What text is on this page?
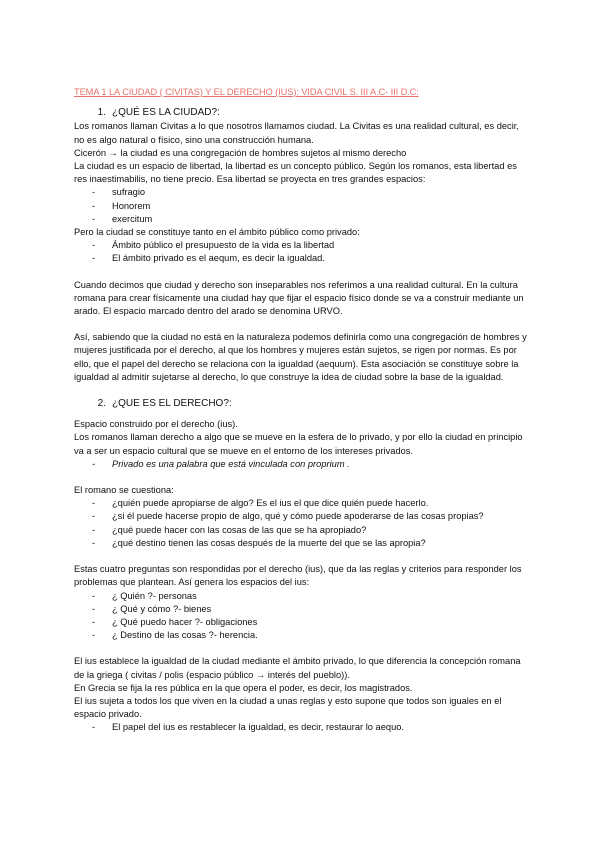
TEMA 1 LA CIUDAD ( CIVITAS) Y EL DERECHO (IUS): VIDA CIVIL S. III A.C- III D.C:
1. ¿QUÉ ES LA CIUDAD?:

Los romanos llaman Civitas a lo que nosotros llamamos ciudad. La Civitas es una realidad cultural, es decir, no es algo natural o físico, sino una construcción humana.

Cicerón → la ciudad es una congregación de hombres sujetos al mismo derecho

La ciudad es un espacio de libertad, la libertad es un concepto público. Según los romanos, esta libertad es res inaestimabilis, no tiene precio. Esa libertad se proyecta en tres grandes espacios:

- sufragio
- Honorem
- exercitum

Pero la ciudad se constituye tanto en el ámbito público como privado:

- Ámbito público el presupuesto de la vida es la libertad
- El ámbito privado es el aequm, es decir la igualdad.

Cuando decimos que ciudad y derecho son inseparables nos referimos a una realidad cultural. En la cultura romana para crear físicamente una ciudad hay que fijar el espacio físico donde se va a construir mediante un arado. El espacio marcado dentro del arado se denomina URVO.

Así, sabiendo que la ciudad no está en la naturaleza podemos definirla como una congregación de hombres y mujeres justificada por el derecho, al que los hombres y mujeres están sujetos, se rigen por normas. Es por ello, que el papel del derecho se relaciona con la igualdad (aequum). Esta asociación se constituye sobre la igualdad al admitir sujetarse al derecho, lo que construye la idea de ciudad sobre la base de la igualdad.

2. ¿QUE ES EL DERECHO?:

Espacio construido por el derecho (ius).

Los romanos llaman derecho a algo que se mueve en la esfera de lo privado, y por ello la ciudad en principio va a ser un espacio cultural que se mueve en el entorno de los intereses privados.

- Privado es una palabra que está vinculada con proprium .

El romano se cuestiona:

- ¿quién puede apropiarse de algo? Es el ius el que dice quién puede hacerlo.
- ¿si él puede hacerse propio de algo, qué y cómo puede apoderarse de las cosas propias?
- ¿qué puede hacer con las cosas de las que se ha apropiado?
- ¿qué destino tienen las cosas después de la muerte del que se las apropia?

Estas cuatro preguntas son respondidas por el derecho (ius), que da las reglas y criterios para responder los problemas que plantean. Así genera los espacios del ius:

- ¿ Quién ?- personas
- ¿ Qué y cómo ?- bienes
- ¿ Qué puedo hacer ?- obligaciones
- ¿ Destino de las cosas ?- herencia.

El ius establece la igualdad de la ciudad mediante el ámbito privado, lo que diferencia la concepción romana de la griega ( civitas / polis (espacio público → interés del pueblo)).

En Grecia se fija la res pública en la que opera el poder, es decir, los magistrados.

El ius sujeta a todos los que viven en la ciudad a unas reglas y esto supone que todos son iguales en el espacio privado.

- El papel del ius es restablecer la igualdad, es decir, restaurar lo aequo.
